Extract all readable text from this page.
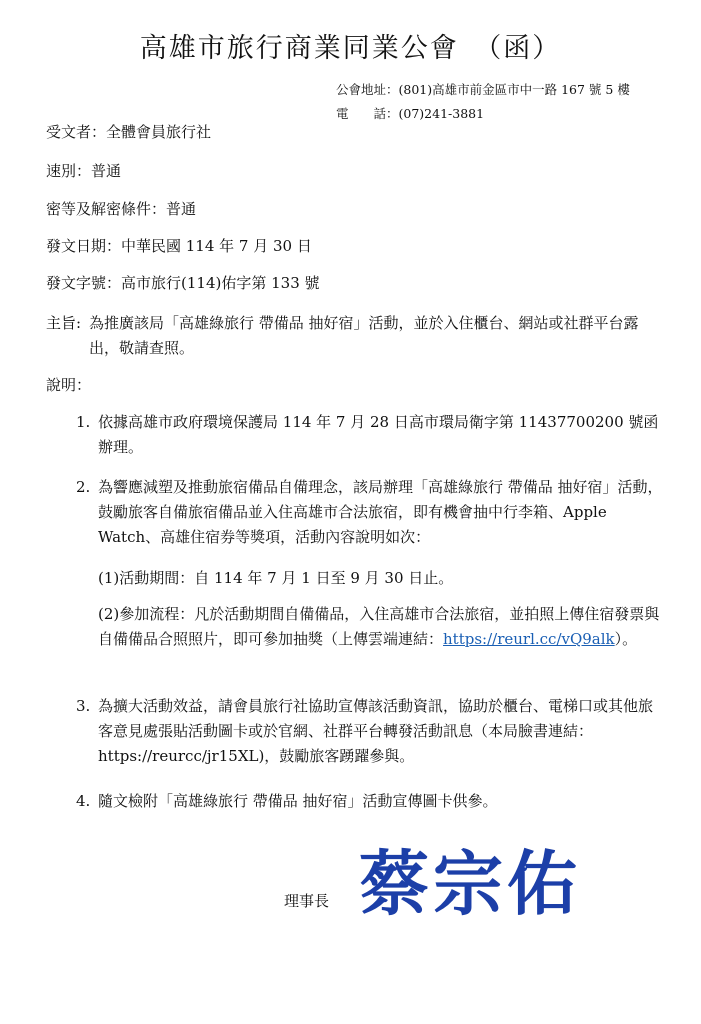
高雄市旅行商業同業公會　（函）
公會地址：(801)高雄市前金區市中一路 167 號 5 樓
電　　話：(07)241-3881
受文者：全體會員旅行社
速別：普通
密等及解密條件：普通
發文日期：中華民國 114 年 7 月 30 日
發文字號：高市旅行(114)佑字第 133 號
主旨: 為推廣該局「高雄綠旅行 帶備品 抽好宿」活動，並於入住櫃台、網站或社群平台露出，敬請查照。
說明：
1. 依據高雄市政府環境保護局 114 年 7 月 28 日高市環局衛字第 11437700200 號函辦理。
2. 為響應減塑及推動旅宿備品自備理念，該局辦理「高雄綠旅行 帶備品 抽好宿」活動，鼓勵旅客自備旅宿備品並入住高雄市合法旅宿，即有機會抽中行李箱、Apple Watch、高雄住宿券等獎項，活動內容說明如次：
(1)活動期間：自 114 年 7 月 1 日至 9 月 30 日止。
(2)參加流程：凡於活動期間自備備品，入住高雄市合法旅宿，並拍照上傳住宿發票與自備備品合照照片，即可參加抽獎（上傳雲端連結：https://reurl.cc/vQ9alk）。
3. 為擴大活動效益，請會員旅行社協助宣傳該活動資訊，協助於櫃台、電梯口或其他旅客意見處張貼活動圖卡或於官網、社群平台轉發活動訊息（本局臉書連結：https://reurcc/jr15XL)，鼓勵旅客踴躍參與。
4. 隨文檢附「高雄綠旅行 帶備品 抽好宿」活動宣傳圖卡供參。
理事長 蔡宗佑
